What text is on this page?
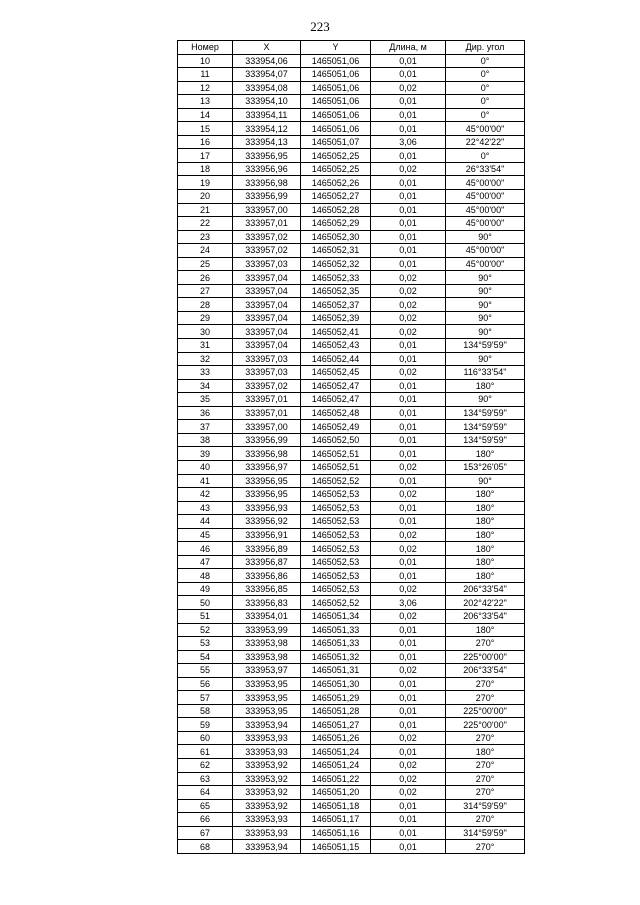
223
Номер	X	Y	Длина, м	Дир. угол
10	333954,06	1465051,06	0,01	0°
11	333954,07	1465051,06	0,01	0°
12	333954,08	1465051,06	0,02	0°
13	333954,10	1465051,06	0,01	0°
14	333954,11	1465051,06	0,01	0°
15	333954,12	1465051,06	0,01	45°00'00"
16	333954,13	1465051,07	3,06	22°42'22"
17	333956,95	1465052,25	0,01	0°
18	333956,96	1465052,25	0,02	26°33'54"
19	333956,98	1465052,26	0,01	45°00'00"
20	333956,99	1465052,27	0,01	45°00'00"
21	333957,00	1465052,28	0,01	45°00'00"
22	333957,01	1465052,29	0,01	45°00'00"
23	333957,02	1465052,30	0,01	90°
24	333957,02	1465052,31	0,01	45°00'00"
25	333957,03	1465052,32	0,01	45°00'00"
26	333957,04	1465052,33	0,02	90°
27	333957,04	1465052,35	0,02	90°
28	333957,04	1465052,37	0,02	90°
29	333957,04	1465052,39	0,02	90°
30	333957,04	1465052,41	0,02	90°
31	333957,04	1465052,43	0,01	134°59'59"
32	333957,03	1465052,44	0,01	90°
33	333957,03	1465052,45	0,02	116°33'54"
34	333957,02	1465052,47	0,01	180°
35	333957,01	1465052,47	0,01	90°
36	333957,01	1465052,48	0,01	134°59'59"
37	333957,00	1465052,49	0,01	134°59'59"
38	333956,99	1465052,50	0,01	134°59'59"
39	333956,98	1465052,51	0,01	180°
40	333956,97	1465052,51	0,02	153°26'05"
41	333956,95	1465052,52	0,01	90°
42	333956,95	1465052,53	0,02	180°
43	333956,93	1465052,53	0,01	180°
44	333956,92	1465052,53	0,01	180°
45	333956,91	1465052,53	0,02	180°
46	333956,89	1465052,53	0,02	180°
47	333956,87	1465052,53	0,01	180°
48	333956,86	1465052,53	0,01	180°
49	333956,85	1465052,53	0,02	206°33'54"
50	333956,83	1465052,52	3,06	202°42'22"
51	333954,01	1465051,34	0,02	206°33'54"
52	333953,99	1465051,33	0,01	180°
53	333953,98	1465051,33	0,01	270°
54	333953,98	1465051,32	0,01	225°00'00"
55	333953,97	1465051,31	0,02	206°33'54"
56	333953,95	1465051,30	0,01	270°
57	333953,95	1465051,29	0,01	270°
58	333953,95	1465051,28	0,01	225°00'00"
59	333953,94	1465051,27	0,01	225°00'00"
60	333953,93	1465051,26	0,02	270°
61	333953,93	1465051,24	0,01	180°
62	333953,92	1465051,24	0,02	270°
63	333953,92	1465051,22	0,02	270°
64	333953,92	1465051,20	0,02	270°
65	333953,92	1465051,18	0,01	314°59'59"
66	333953,93	1465051,17	0,01	270°
67	333953,93	1465051,16	0,01	314°59'59"
68	333953,94	1465051,15	0,01	270°
